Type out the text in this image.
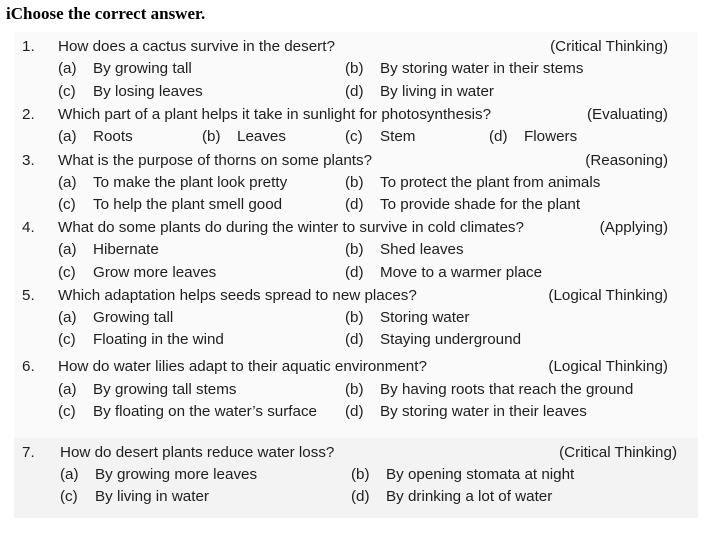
iChoose the correct answer.
1. How does a cactus survive in the desert?	(Critical Thinking)
(a) By growing tall	(b) By storing water in their stems
(c) By losing leaves	(d) By living in water
2. Which part of a plant helps it take in sunlight for photosynthesis?	(Evaluating)
(a) Roots	(b) Leaves	(c) Stem	(d) Flowers
3. What is the purpose of thorns on some plants?	(Reasoning)
(a) To make the plant look pretty	(b) To protect the plant from animals
(c) To help the plant smell good	(d) To provide shade for the plant
4. What do some plants do during the winter to survive in cold climates?	(Applying)
(a) Hibernate	(b) Shed leaves
(c) Grow more leaves	(d) Move to a warmer place
5. Which adaptation helps seeds spread to new places?	(Logical Thinking)
(a) Growing tall	(b) Storing water
(c) Floating in the wind	(d) Staying underground
6. How do water lilies adapt to their aquatic environment?	(Logical Thinking)
(a) By growing tall stems	(b) By having roots that reach the ground
(c) By floating on the water’s surface (d) By storing water in their leaves
7. How do desert plants reduce water loss?	(Critical Thinking)
(a) By growing more leaves	(b) By opening stomata at night
(c) By living in water	(d) By drinking a lot of water
